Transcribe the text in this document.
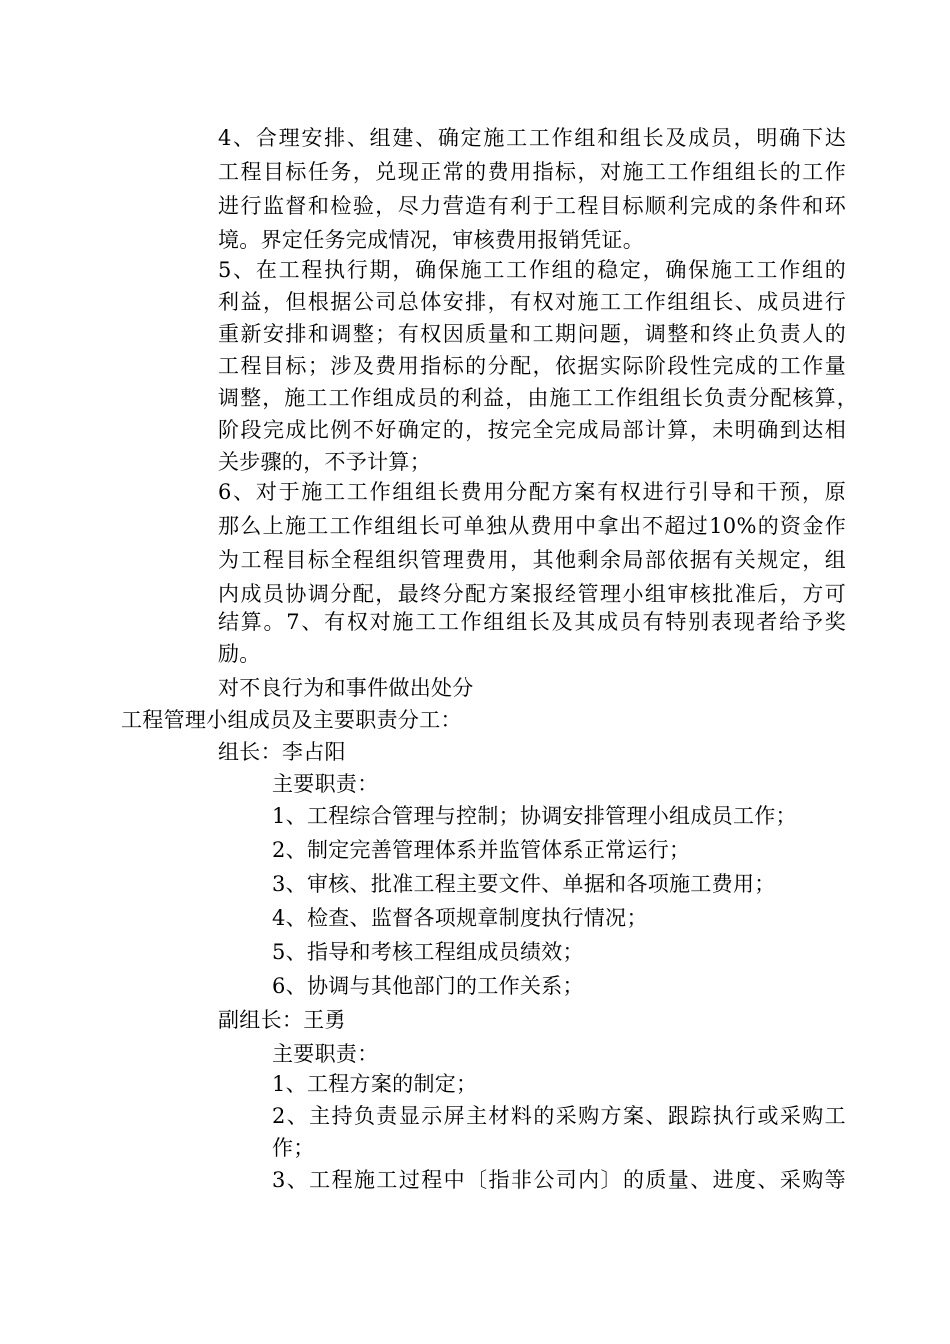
4、合理安排、组建、确定施工工作组和组长及成员，明确下达
工程目标任务，兑现正常的费用指标，对施工工作组组长的工作
进行监督和检验，尽力营造有利于工程目标顺利完成的条件和环
境。界定任务完成情况，审核费用报销凭证。
5、在工程执行期，确保施工工作组的稳定，确保施工工作组的
利益，但根据公司总体安排，有权对施工工作组组长、成员进行
重新安排和调整；有权因质量和工期问题，调整和终止负责人的
工程目标；涉及费用指标的分配，依据实际阶段性完成的工作量
调整，施工工作组成员的利益，由施工工作组组长负责分配核算，
阶段完成比例不好确定的，按完全完成局部计算，未明确到达相
关步骤的，不予计算；
6、对于施工工作组组长费用分配方案有权进行引导和干预，原
那么上施工工作组组长可单独从费用中拿出不超过10%的资金作
为工程目标全程组织管理费用，其他剩余局部依据有关规定，组
内成员协调分配，最终分配方案报经管理小组审核批准后，方可
结算。7、有权对施工工作组组长及其成员有特别表现者给予奖
励。
对不良行为和事件做出处分
工程管理小组成员及主要职责分工：
组长：李占阳
主要职责：
1、工程综合管理与控制；协调安排管理小组成员工作；
2、制定完善管理体系并监管体系正常运行；
3、审核、批准工程主要文件、单据和各项施工费用；
4、检查、监督各项规章制度执行情况；
5、指导和考核工程组成员绩效；
6、协调与其他部门的工作关系；
副组长：王勇
主要职责：
1、工程方案的制定；
2、主持负责显示屏主材料的采购方案、跟踪执行或采购工
作；
3、工程施工过程中〔指非公司内〕的质量、进度、采购等
